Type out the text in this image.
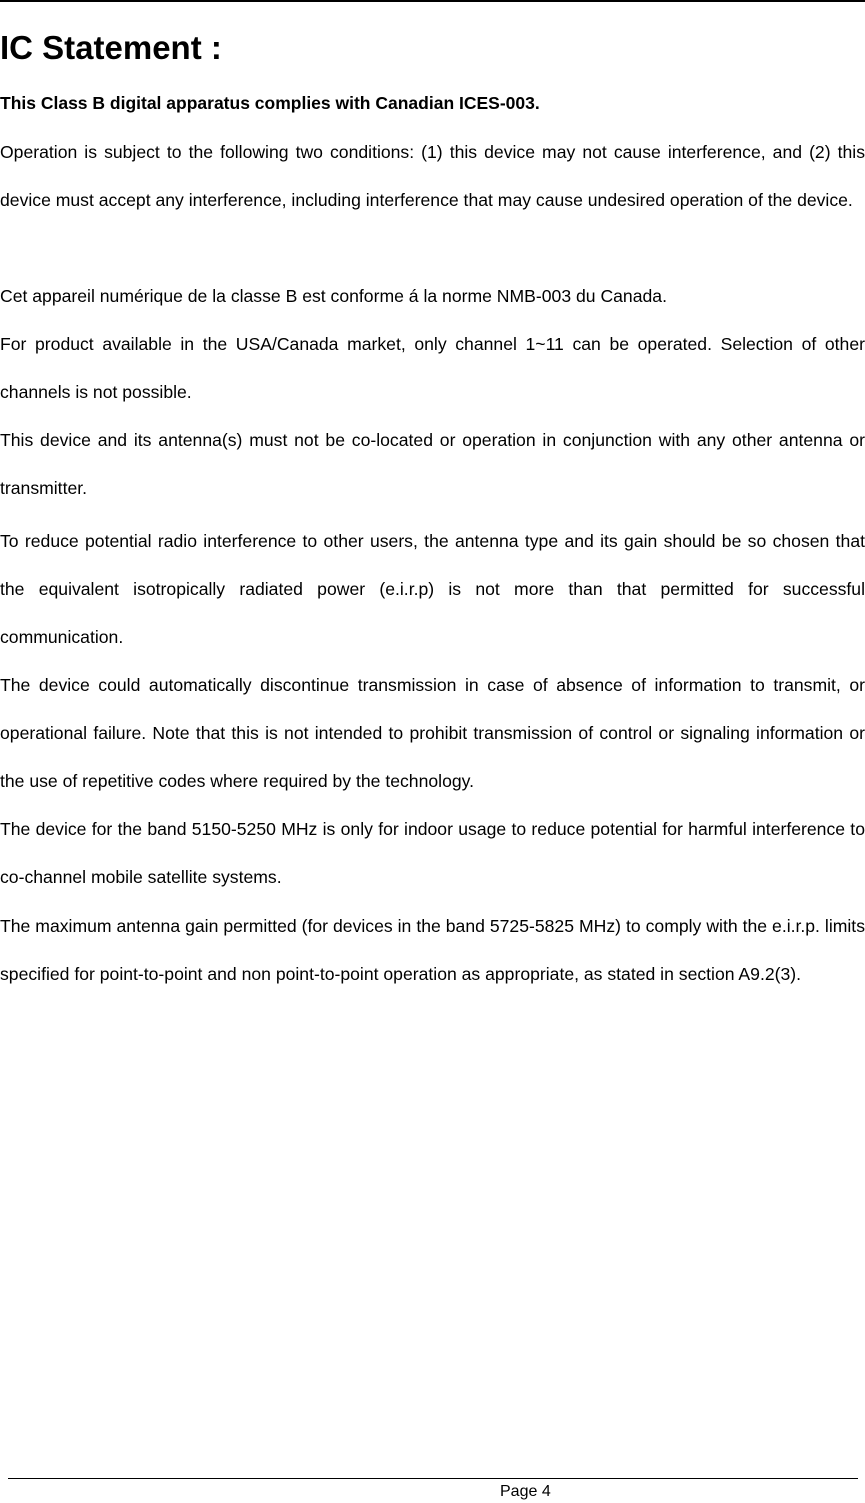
IC Statement :

This Class B digital apparatus complies with Canadian ICES-003.

Operation is subject to the following two conditions: (1) this device may not cause interference, and (2) this device must accept any interference, including interference that may cause undesired operation of the device.

Cet appareil numérique de la classe B est conforme á la norme NMB-003 du Canada.

For product available in the USA/Canada market, only channel 1~11 can be operated. Selection of other channels is not possible.

This device and its antenna(s) must not be co-located or operation in conjunction with any other antenna or transmitter.

To reduce potential radio interference to other users, the antenna type and its gain should be so chosen that the equivalent isotropically radiated power (e.i.r.p) is not more than that permitted for successful communication.

The device could automatically discontinue transmission in case of absence of information to transmit, or operational failure. Note that this is not intended to prohibit transmission of control or signaling information or the use of repetitive codes where required by the technology.

The device for the band 5150-5250 MHz is only for indoor usage to reduce potential for harmful interference to co-channel mobile satellite systems.

The maximum antenna gain permitted (for devices in the band 5725-5825 MHz) to comply with the e.i.r.p. limits specified for point-to-point and non point-to-point operation as appropriate, as stated in section A9.2(3).

Page 4
